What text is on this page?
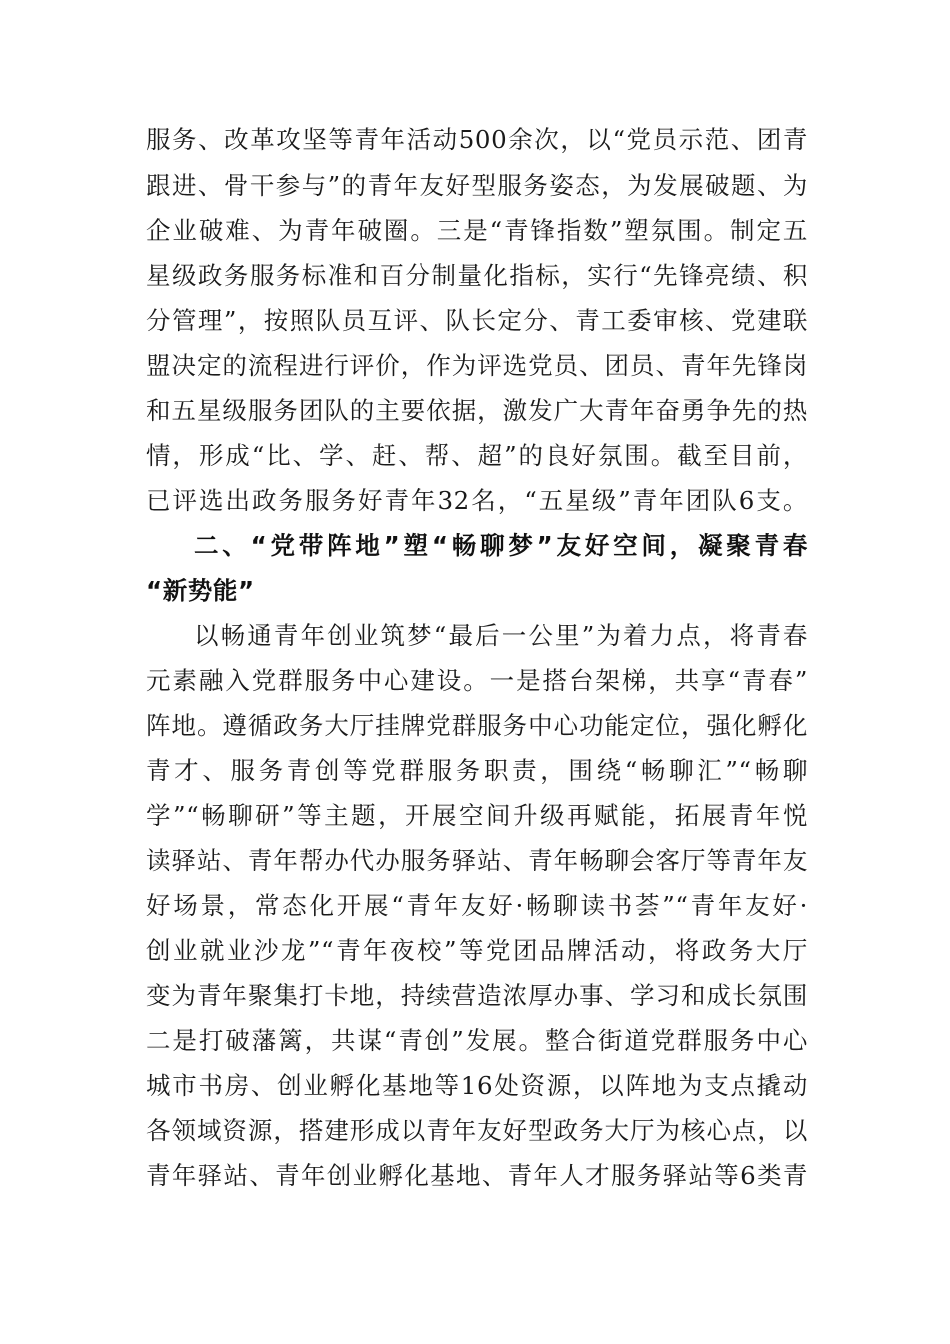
服务、改革攻坚等青年活动500余次，以“党员示范、团青
跟进、骨干参与”的青年友好型服务姿态，为发展破题、为
企业破难、为青年破圈。三是“青锋指数”塑氛围。制定五
星级政务服务标准和百分制量化指标，实行“先锋亮绩、积
分管理”，按照队员互评、队长定分、青工委审核、党建联
盟决定的流程进行评价，作为评选党员、团员、青年先锋岗
和五星级服务团队的主要依据，激发广大青年奋勇争先的热
情，形成“比、学、赶、帮、超”的良好氛围。截至目前，
已评选出政务服务好青年32名，“五星级”青年团队6支。
二、“党带阵地”塑“畅聊梦”友好空间，凝聚青春
“新势能”
以畅通青年创业筑梦“最后一公里”为着力点，将青春
元素融入党群服务中心建设。一是搭台架梯，共享“青春”
阵地。遵循政务大厅挂牌党群服务中心功能定位，强化孵化
青才、服务青创等党群服务职责，围绕“畅聊汇”“畅聊
学”“畅聊研”等主题，开展空间升级再赋能，拓展青年悦
读驿站、青年帮办代办服务驿站、青年畅聊会客厅等青年友
好场景，常态化开展“青年友好·畅聊读书荟”“青年友好·
创业就业沙龙”“青年夜校”等党团品牌活动，将政务大厅
变为青年聚集打卡地，持续营造浓厚办事、学习和成长氛围
二是打破藩篱，共谋“青创”发展。整合街道党群服务中心
城市书房、创业孵化基地等16处资源，以阵地为支点撬动
各领域资源，搭建形成以青年友好型政务大厅为核心点，以
青年驿站、青年创业孵化基地、青年人才服务驿站等6类青
